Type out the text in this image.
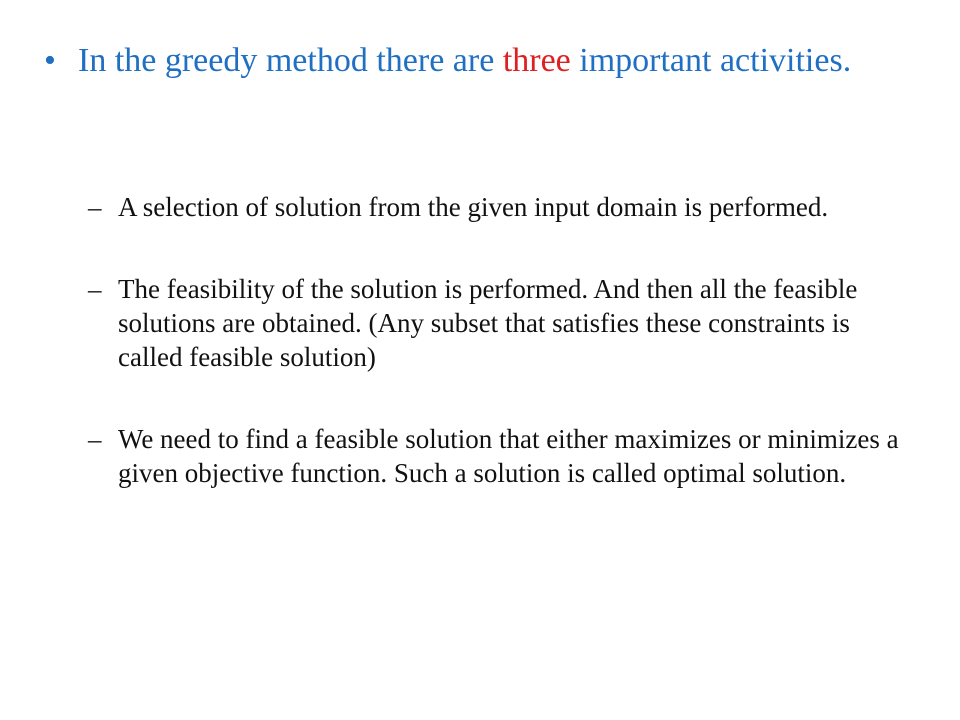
• In the greedy method there are three important activities.
– A selection of solution from the given input domain is performed.
– The feasibility of the solution is performed. And then all the feasible solutions are obtained. (Any subset that satisfies these constraints is called feasible solution)
– We need to find a feasible solution that either maximizes or minimizes a given objective function. Such a solution is called optimal solution.
